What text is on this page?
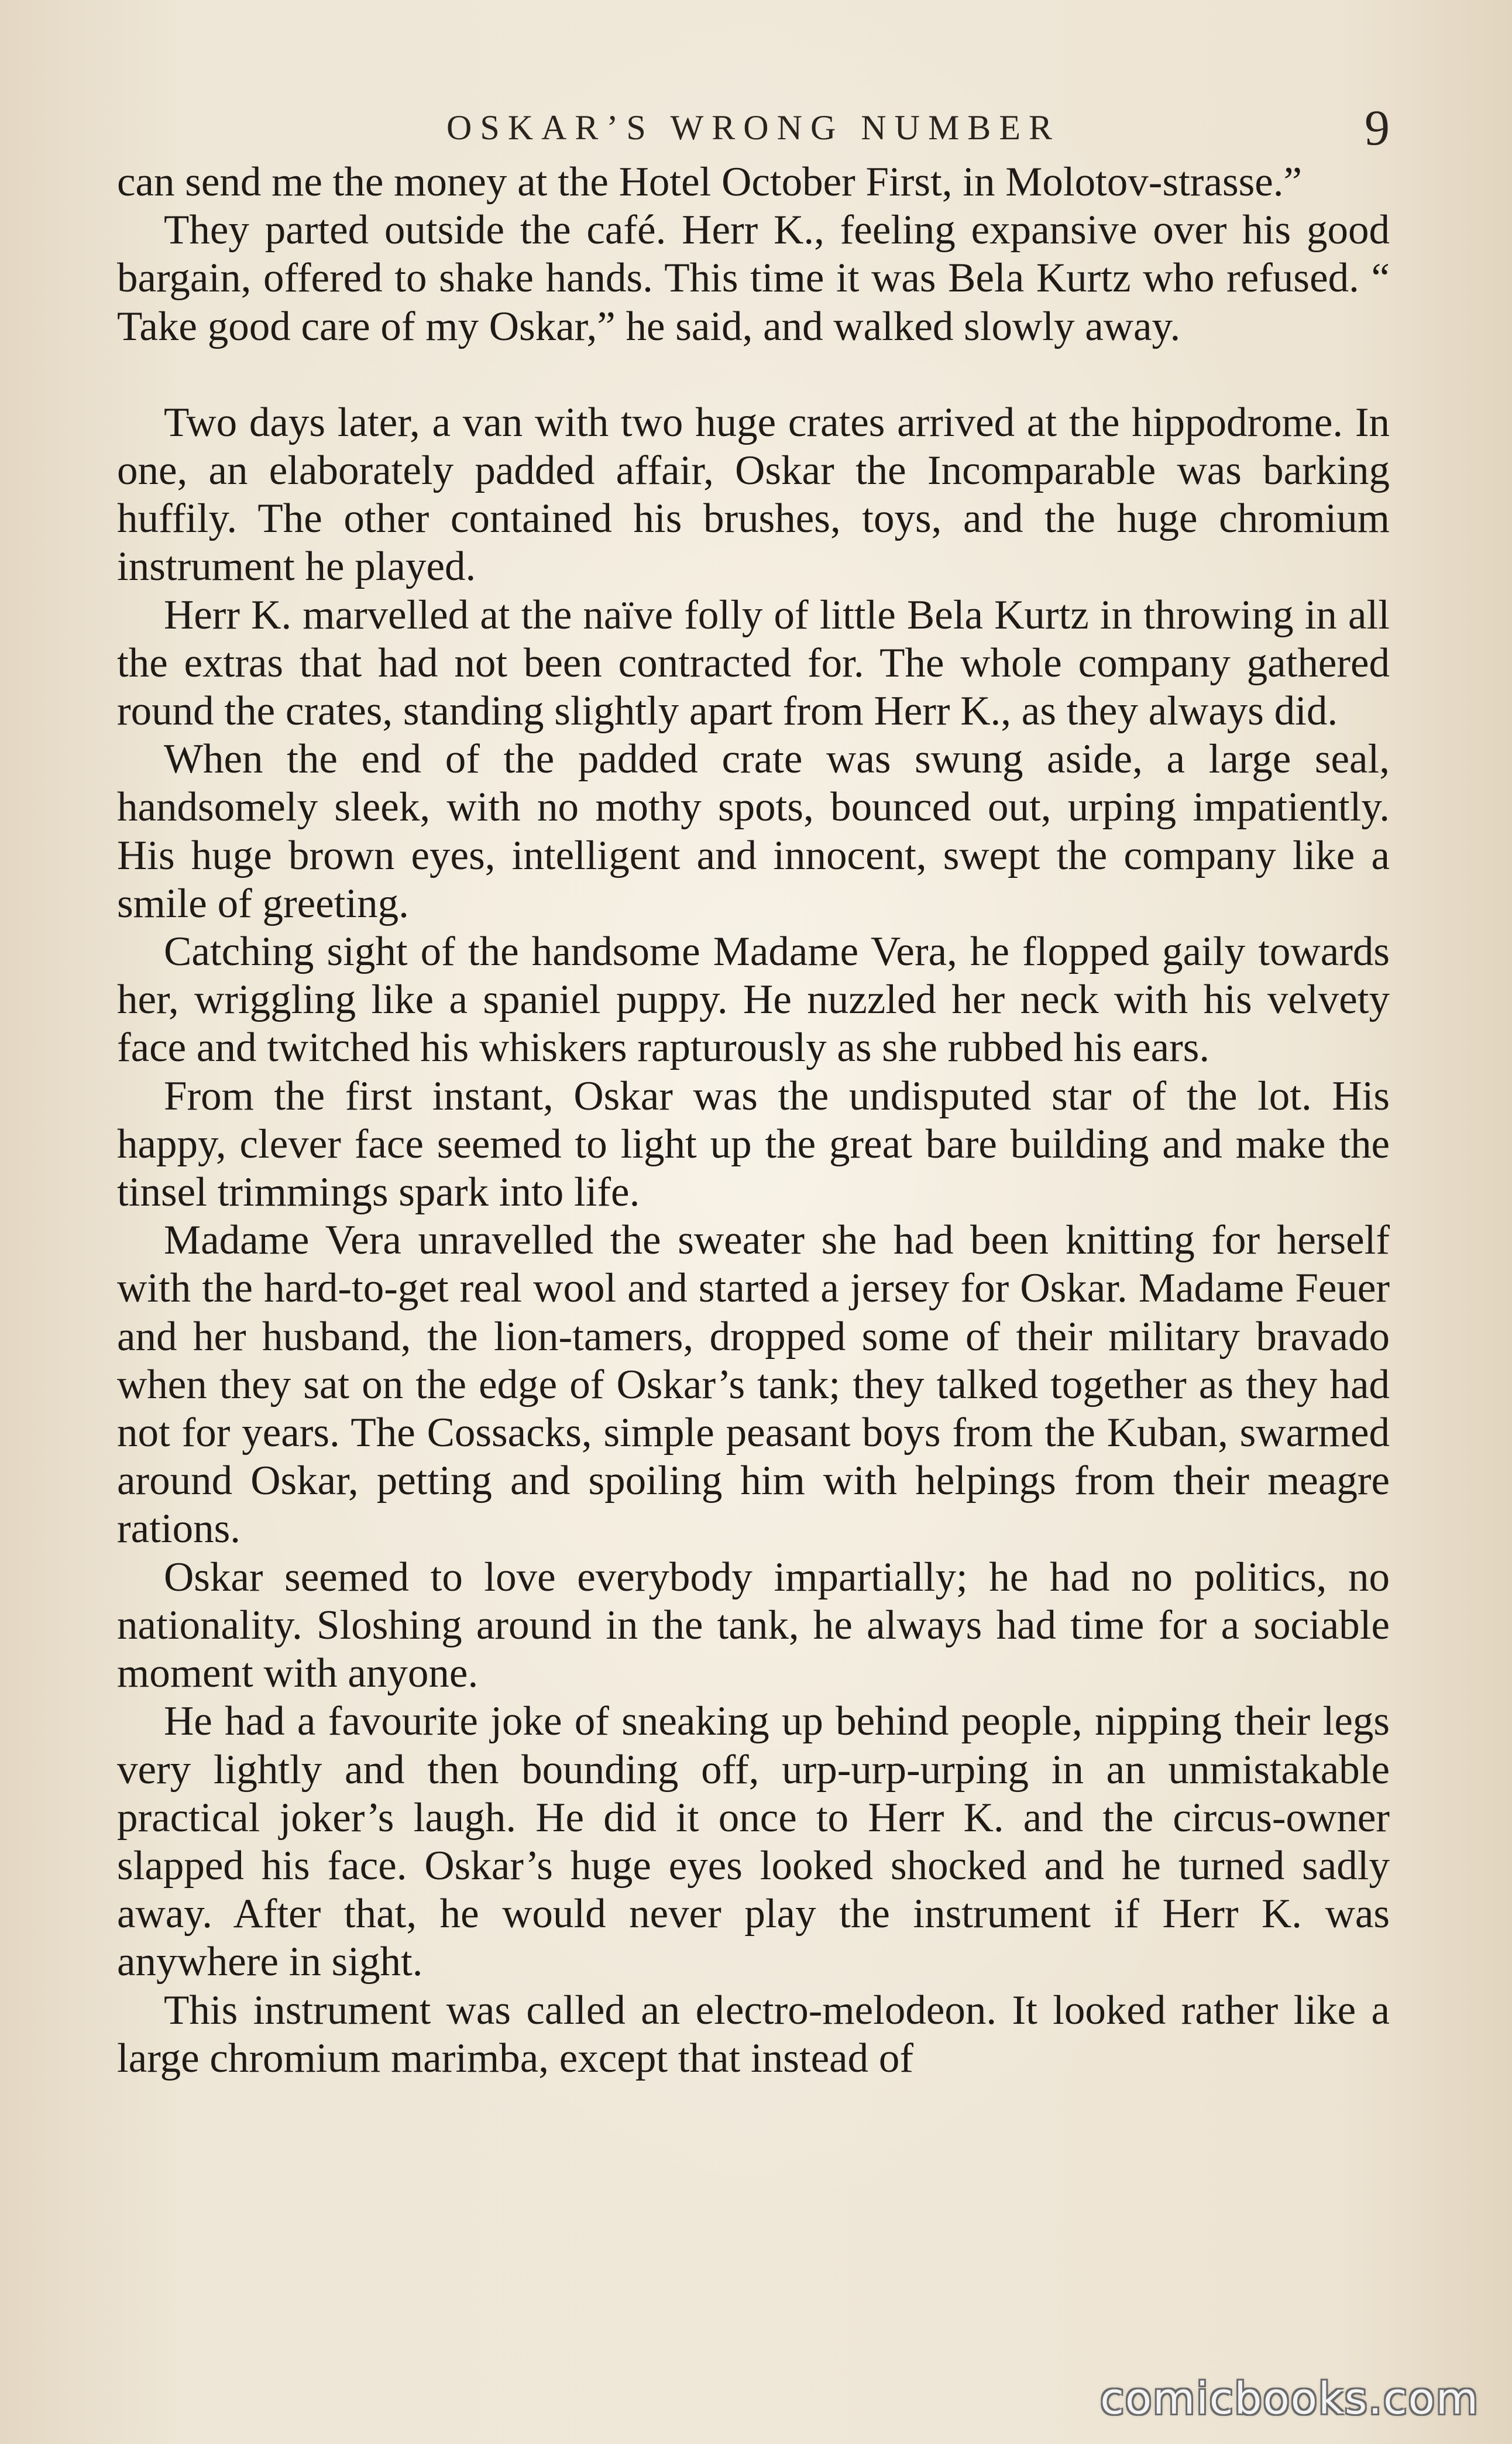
OSKAR’S WRONG NUMBER	9

can send me the money at the Hotel October First, in Molotov-strasse.”

They parted outside the café. Herr K., feeling expansive over his good bargain, offered to shake hands. This time it was Bela Kurtz who refused. “ Take good care of my Oskar,” he said, and walked slowly away.

Two days later, a van with two huge crates arrived at the hippodrome. In one, an elaborately padded affair, Oskar the Incomparable was barking huffily. The other contained his brushes, toys, and the huge chromium instrument he played.

Herr K. marvelled at the naïve folly of little Bela Kurtz in throwing in all the extras that had not been contracted for. The whole company gathered round the crates, standing slightly apart from Herr K., as they always did.

When the end of the padded crate was swung aside, a large seal, handsomely sleek, with no mothy spots, bounced out, urping impatiently. His huge brown eyes, intelligent and innocent, swept the company like a smile of greeting.

Catching sight of the handsome Madame Vera, he flopped gaily towards her, wriggling like a spaniel puppy. He nuzzled her neck with his velvety face and twitched his whiskers rapturously as she rubbed his ears.

From the first instant, Oskar was the undisputed star of the lot. His happy, clever face seemed to light up the great bare building and make the tinsel trimmings spark into life.

Madame Vera unravelled the sweater she had been knitting for herself with the hard-to-get real wool and started a jersey for Oskar. Madame Feuer and her husband, the lion-tamers, dropped some of their military bravado when they sat on the edge of Oskar’s tank; they talked together as they had not for years. The Cossacks, simple peasant boys from the Kuban, swarmed around Oskar, petting and spoiling him with helpings from their meagre rations.

Oskar seemed to love everybody impartially; he had no politics, no nationality. Sloshing around in the tank, he always had time for a sociable moment with anyone.

He had a favourite joke of sneaking up behind people, nipping their legs very lightly and then bounding off, urp-urp-urping in an unmistakable practical joker’s laugh. He did it once to Herr K. and the circus-owner slapped his face. Oskar’s huge eyes looked shocked and he turned sadly away. After that, he would never play the instrument if Herr K. was anywhere in sight.

This instrument was called an electro-melodeon. It looked rather like a large chromium marimba, except that instead of

comicbooks.com
